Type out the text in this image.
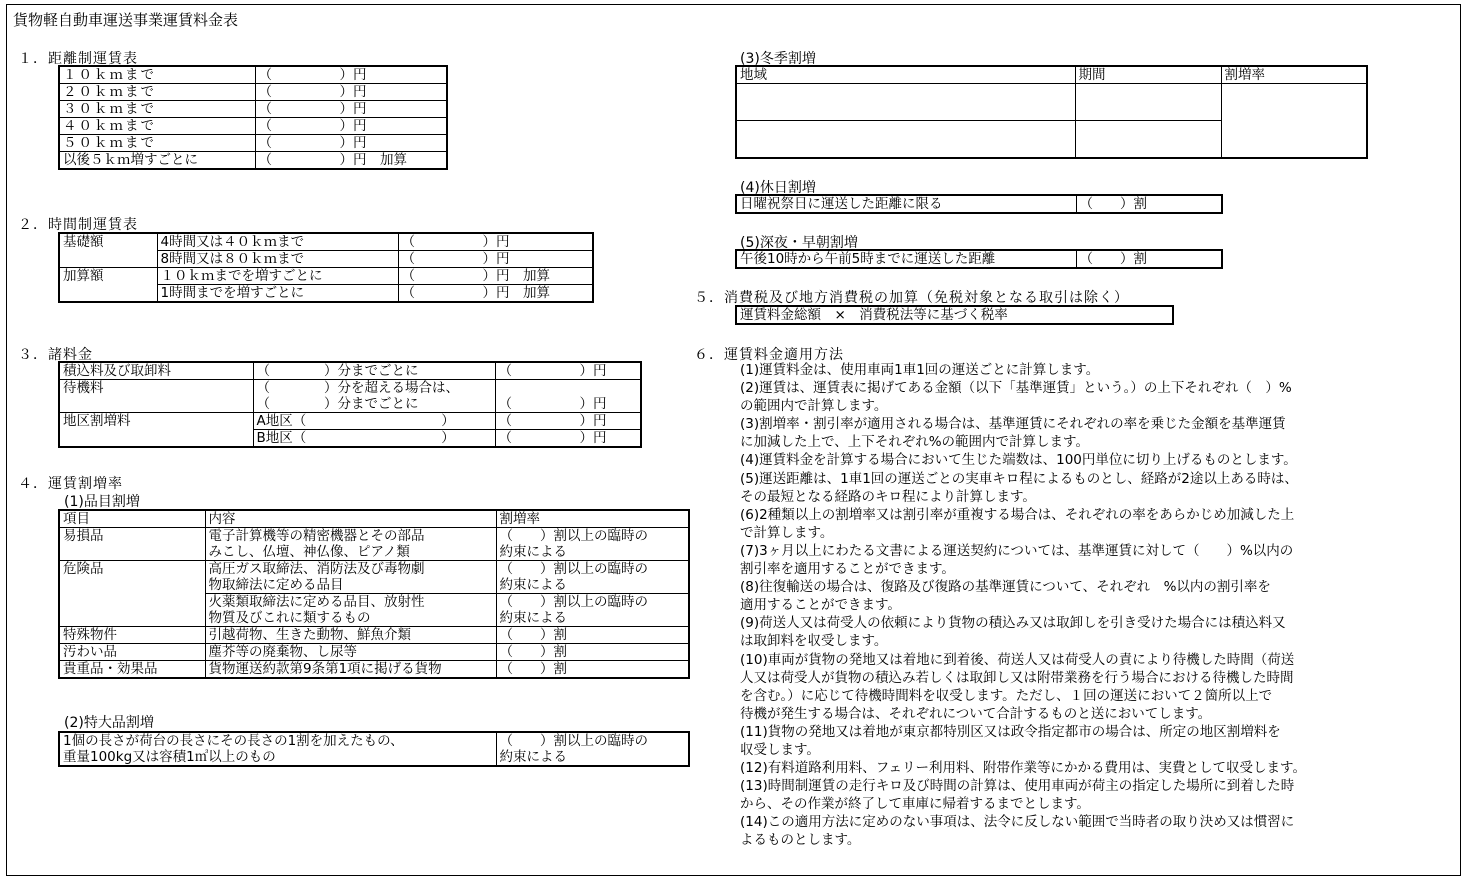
貨物軽自動車運送事業運賃料金表
１．距離制運賃表
１０ｋｍまで	（　　　　　）円
２０ｋｍまで	（　　　　　）円
３０ｋｍまで	（　　　　　）円
４０ｋｍまで	（　　　　　）円
５０ｋｍまで	（　　　　　）円
以後５ｋｍ増すごとに	（　　　　　）円　加算
２．時間制運賃表
基礎額	4時間又は４０ｋｍまで	（　　　　　）円
	8時間又は８０ｋｍまで	（　　　　　）円
加算額	１０ｋｍまでを増すごとに	（　　　　　）円　加算
	1時間までを増すごとに	（　　　　　）円　加算
３．諸料金
積込料及び取卸料	（　　　　）分までごとに	（　　　　　）円
待機料	（　　　　）分を超える場合は、	
	（　　　　）分までごとに	（　　　　　）円
地区割増料	A地区（　　　　　　　　　　）	（　　　　　）円
	B地区（　　　　　　　　　　）	（　　　　　）円
４．運賃割増率
(1)品目割増
項目	内容	割増率
易損品	電子計算機等の精密機器とその部品	（　　）割以上の臨時の
	みこし、仏壇、神仏像、ピアノ類	約束による
危険品	高圧ガス取締法、消防法及び毒物劇	（　　）割以上の臨時の
	物取締法に定める品目	約束による
	火薬類取締法に定める品目、放射性	（　　）割以上の臨時の
	物質及びこれに類するもの	約束による
特殊物件	引越荷物、生きた動物、鮮魚介類	（　　）割
汚わい品	塵芥等の廃棄物、し尿等	（　　）割
貴重品・効果品	貨物運送約款第9条第1項に掲げる貨物	（　　）割
(2)特大品割増
1個の長さが荷台の長さにその長さの1割を加えたもの、	（　　）割以上の臨時の
重量100kg又は容積1㎥以上のもの	約束による
(3)冬季割増
地域	期間	割増率

(4)休日割増
日曜祝祭日に運送した距離に限る	（　　）割
(5)深夜・早朝割増
午後10時から午前5時までに運送した距離	（　　）割
５．消費税及び地方消費税の加算（免税対象となる取引は除く）
運賃料金総額　×　消費税法等に基づく税率
６．運賃料金適用方法

(1)運賃料金は、使用車両1車1回の運送ごとに計算します。

(2)運賃は、運賃表に掲げてある金額（以下「基準運賃」という。）の上下それぞれ（　）%

の範囲内で計算します。

(3)割増率・割引率が適用される場合は、基準運賃にそれぞれの率を乗じた金額を基準運賃

に加減した上で、上下それぞれ%の範囲内で計算します。

(4)運賃料金を計算する場合において生じた端数は、100円単位に切り上げるものとします。

(5)運送距離は、1車1回の運送ごとの実車キロ程によるものとし、経路が2途以上ある時は、

その最短となる経路のキロ程により計算します。

(6)2種類以上の割増率又は割引率が重複する場合は、それぞれの率をあらかじめ加減した上

で計算します。

(7)3ヶ月以上にわたる文書による運送契約については、基準運賃に対して（　　）%以内の

割引率を適用することができます。

(8)往復輸送の場合は、復路及び復路の基準運賃について、それぞれ　%以内の割引率を

適用することができます。

(9)荷送人又は荷受人の依頼により貨物の積込み又は取卸しを引き受けた場合には積込料又

は取卸料を収受します。

(10)車両が貨物の発地又は着地に到着後、荷送人又は荷受人の責により待機した時間（荷送

人又は荷受人が貨物の積込み若しくは取卸し又は附帯業務を行う場合における待機した時間

を含む。）に応じて待機時間料を収受します。ただし、１回の運送において２箇所以上で

待機が発生する場合は、それぞれについて合計するものと送においてします。

(11)貨物の発地又は着地が東京都特別区又は政令指定都市の場合は、所定の地区割増料を

収受します。

(12)有料道路利用料、フェリー利用料、附帯作業等にかかる費用は、実費として収受します。

(13)時間制運賃の走行キロ及び時間の計算は、使用車両が荷主の指定した場所に到着した時

から、その作業が終了して車庫に帰着するまでとします。

(14)この適用方法に定めのない事項は、法令に反しない範囲で当時者の取り決め又は慣習に

よるものとします。
